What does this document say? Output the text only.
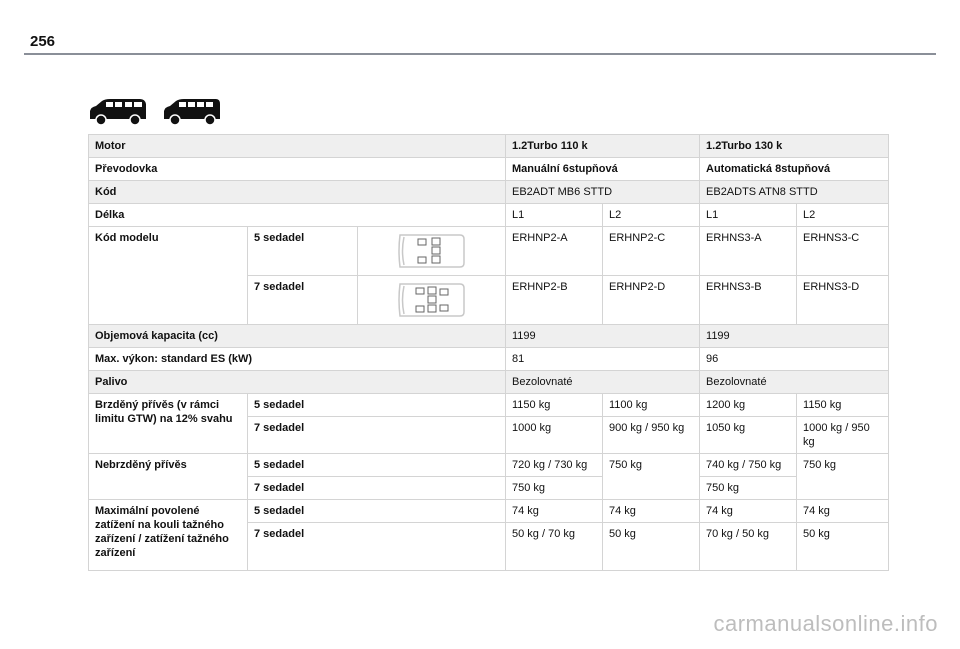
256
Motor			1.2Turbo 110 k		1.2Turbo 130 k	
Převodovka			Manuální 6stupňová		Automatická 8stupňová	
Kód			EB2ADT MB6 STTD		EB2ADTS ATN8 STTD	
Délka			L1	L2	L1	L2
Kód modelu	5 sedadel		ERHNP2-A	ERHNP2-C	ERHNS3-A	ERHNS3-C
	7 sedadel		ERHNP2-B	ERHNP2-D	ERHNS3-B	ERHNS3-D
Objemová kapacita (cc)			1199		1199	
Max. výkon: standard ES (kW)			81		96	
Palivo			Bezolovnaté		Bezolovnaté	
Brzděný přívěs (v rámci limitu GTW) na 12% svahu	5 sedadel		1150 kg	1100 kg	1200 kg	1150 kg
	7 sedadel		1000 kg	900 kg / 950 kg	1050 kg	1000 kg / 950 kg
Nebrzděný přívěs	5 sedadel		720 kg / 730 kg	750 kg	740 kg / 750 kg	750 kg
	7 sedadel		750 kg		750 kg	
Maximální povolené zatížení na kouli tažného zařízení / zatížení tažného zařízení	5 sedadel		74 kg	74 kg	74 kg	74 kg
	7 sedadel		50 kg / 70 kg	50 kg	70 kg / 50 kg	50 kg
carmanualsonline.info
